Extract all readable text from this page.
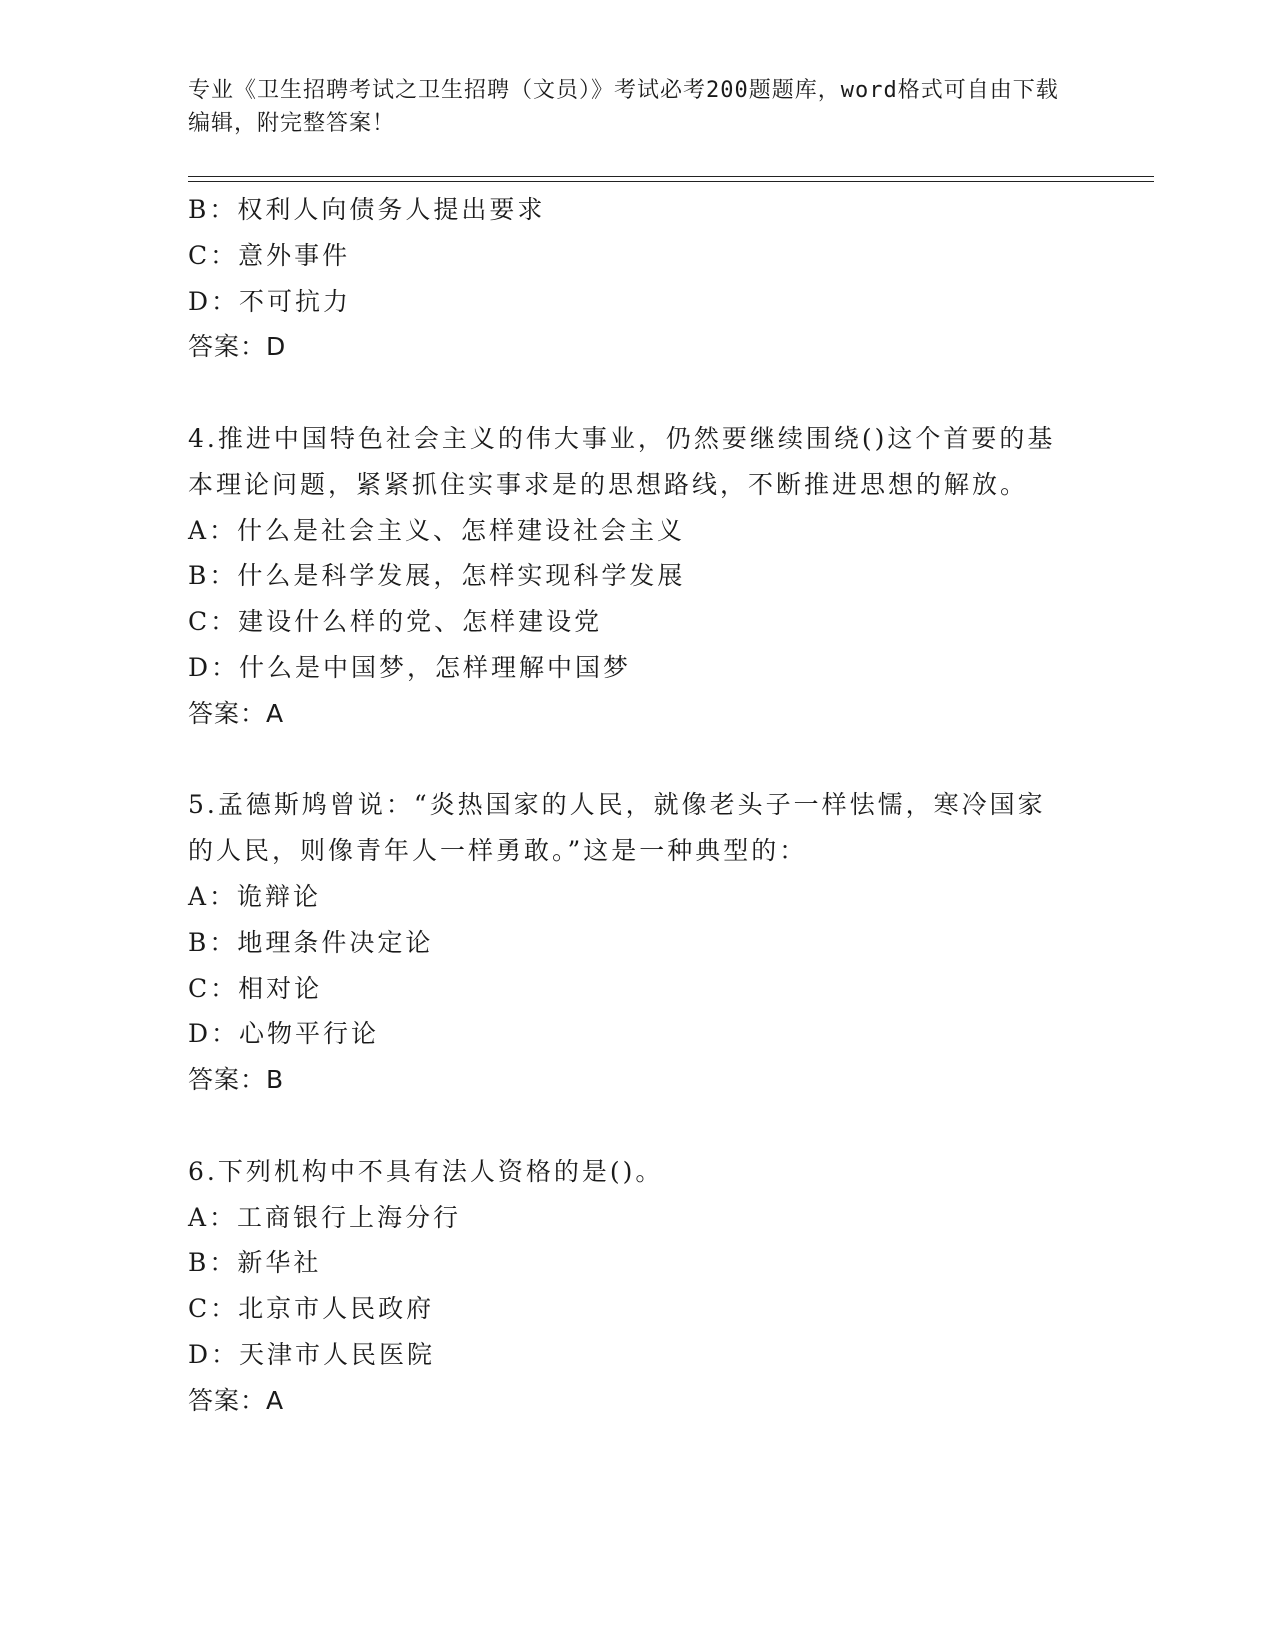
专业《卫生招聘考试之卫生招聘（文员）》考试必考200题题库，word格式可自由下载编辑，附完整答案！
B：权利人向债务人提出要求
C：意外事件
D：不可抗力
答案：D
4.推进中国特色社会主义的伟大事业，仍然要继续围绕()这个首要的基本理论问题，紧紧抓住实事求是的思想路线，不断推进思想的解放。
A：什么是社会主义、怎样建设社会主义
B：什么是科学发展，怎样实现科学发展
C：建设什么样的党、怎样建设党
D：什么是中国梦，怎样理解中国梦
答案：A
5.孟德斯鸠曾说：“炎热国家的人民，就像老头子一样怯懦，寒冷国家的人民，则像青年人一样勇敢。”这是一种典型的：
A：诡辩论
B：地理条件决定论
C：相对论
D：心物平行论
答案：B
6.下列机构中不具有法人资格的是()。
A：工商银行上海分行
B：新华社
C：北京市人民政府
D：天津市人民医院
答案：A
